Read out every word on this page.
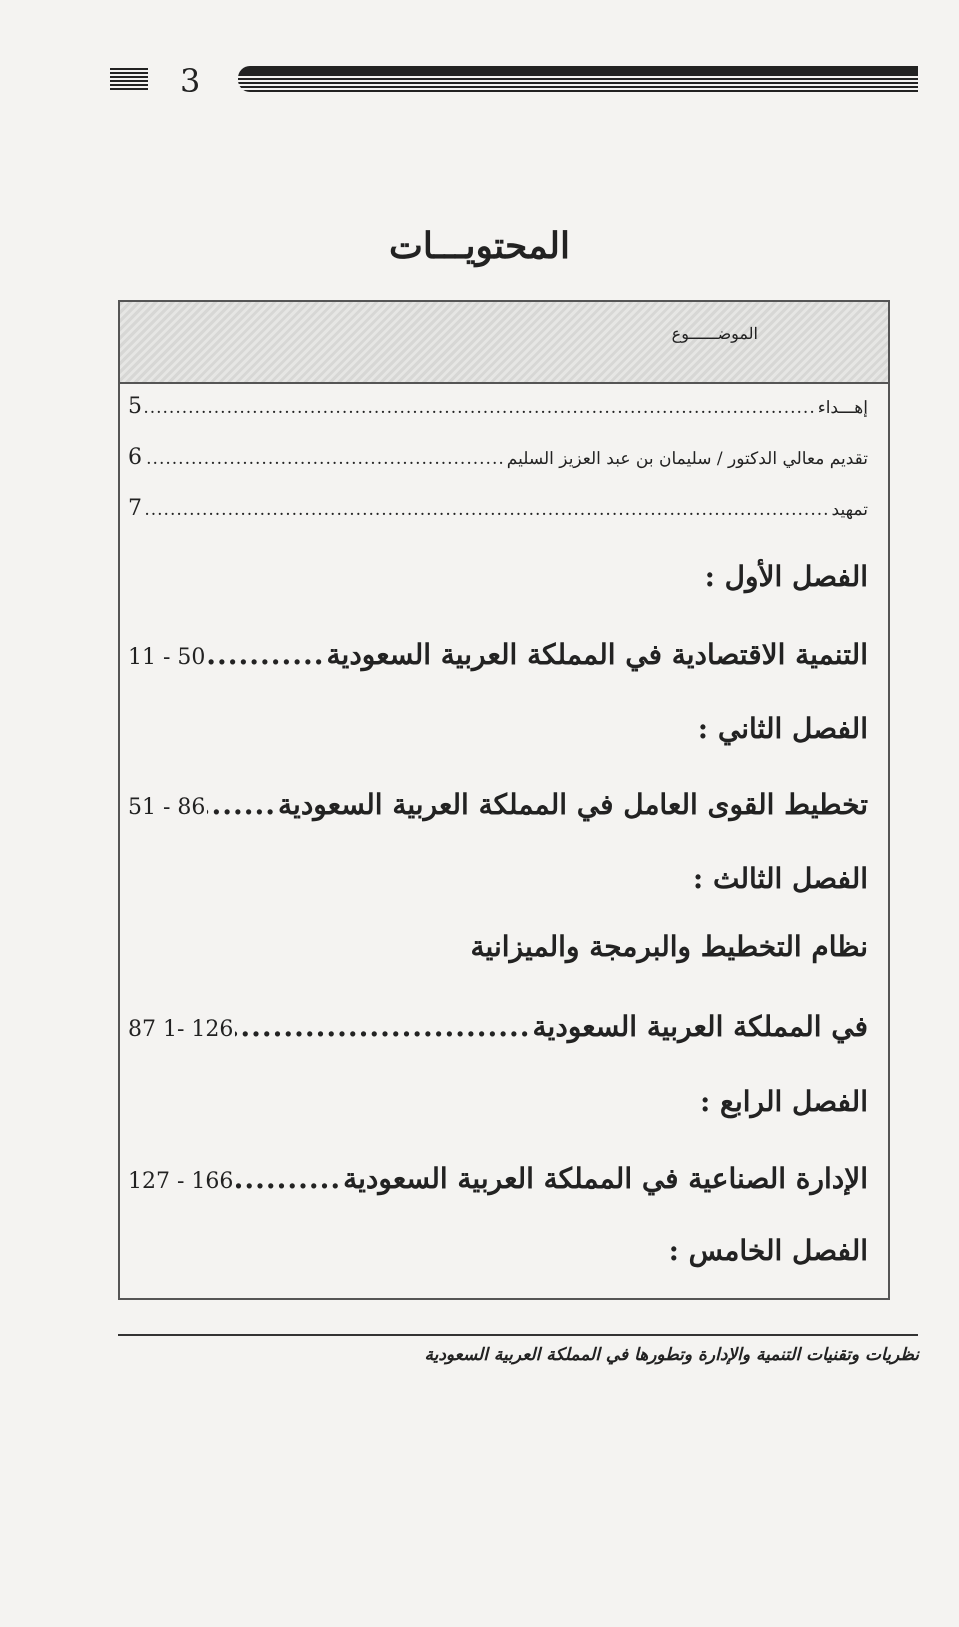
3
المحتويـــات
الموضــــــوع
إهـــداء
.....
5
تقديم معالي الدكتور / سليمان بن عبد العزيز السليم
.....
6
تمهيد
.....
7
الفصل الأول :
التنمية الاقتصادية في المملكة العربية السعودية
.....
11 - 50
الفصل الثاني :
تخطيط القوى العامل في المملكة العربية السعودية
.....
51 - 86
الفصل الثالث :
نظام التخطيط والبرمجة والميزانية
في المملكة العربية السعودية
.....
87 1- 126
الفصل الرابع :
الإدارة الصناعية في المملكة العربية السعودية
.....
127 - 166
الفصل الخامس :
نظريات وتقنيات التنمية والإدارة وتطورها في المملكة العربية السعودية
